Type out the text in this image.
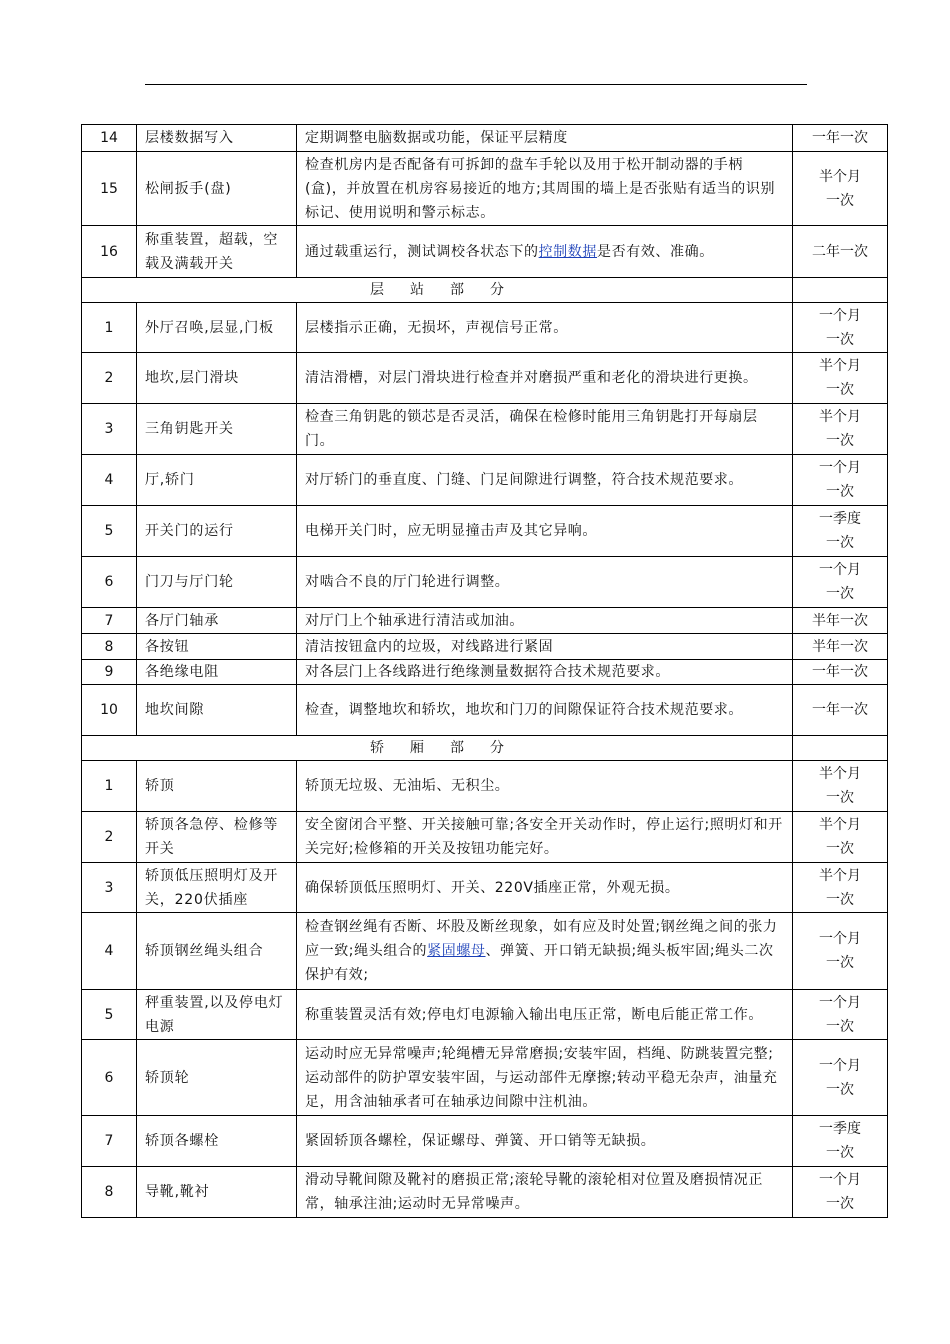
14	层楼数据写入	定期调整电脑数据或功能，保证平层精度	一年一次
15	松闸扳手(盘)	检查机房内是否配备有可拆卸的盘车手轮以及用于松开制动器的手柄(盒)，并放置在机房容易接近的地方;其周围的墙上是否张贴有适当的识别标记、使用说明和警示标志。	半个月一次

16	称重装置，超载，空载及满载开关	通过载重运行，测试调校各状态下的控制数据是否有效、准确。	二年一次
层站部分			
1	外厅召唤,层显,门板	层楼指示正确，无损坏，声视信号正常。	一个月一次

2	地坎,层门滑块	清洁滑槽，对层门滑块进行检查并对磨损严重和老化的滑块进行更换。	半个月一次

3	三角钥匙开关	检查三角钥匙的锁芯是否灵活，确保在检修时能用三角钥匙打开每扇层门。	半个月一次

4	厅,轿门	对厅轿门的垂直度、门缝、门足间隙进行调整，符合技术规范要求。	一个月一次

5	开关门的运行	电梯开关门时，应无明显撞击声及其它异响。	一季度一次

6	门刀与厅门轮	对啮合不良的厅门轮进行调整。	一个月一次

7	各厅门轴承	对厅门上个轴承进行清洁或加油。	半年一次
8	各按钮	清洁按钮盒内的垃圾，对线路进行紧固	半年一次
9	各绝缘电阻	对各层门上各线路进行绝缘测量数据符合技术规范要求。	一年一次
10	地坎间隙	检查，调整地坎和轿坎，地坎和门刀的间隙保证符合技术规范要求。	一年一次
轿厢部分			
1	轿顶	轿顶无垃圾、无油垢、无积尘。	半个月一次

2	轿顶各急停、检修等开关	安全窗闭合平整、开关接触可靠;各安全开关动作时，停止运行;照明灯和开关完好;检修箱的开关及按钮功能完好。	半个月一次

3	轿顶低压照明灯及开关，220伏插座	确保轿顶低压照明灯、开关、220V插座正常，外观无损。	半个月一次

4	轿顶钢丝绳头组合	检查钢丝绳有否断、坏股及断丝现象，如有应及时处置;钢丝绳之间的张力应一致;绳头组合的紧固螺母、弹簧、开口销无缺损;绳头板牢固;绳头二次保护有效;	一个月一次

5	秤重装置,以及停电灯电源	称重装置灵活有效;停电灯电源输入输出电压正常，断电后能正常工作。	一个月一次

6	轿顶轮	运动时应无异常噪声;轮绳槽无异常磨损;安装牢固，档绳、防跳装置完整;运动部件的防护罩安装牢固，与运动部件无摩擦;转动平稳无杂声，油量充足，用含油轴承者可在轴承边间隙中注机油。	一个月一次

7	轿顶各螺栓	紧固轿顶各螺栓，保证螺母、弹簧、开口销等无缺损。	一季度一次

8	导靴,靴衬	滑动导靴间隙及靴衬的磨损正常;滚轮导靴的滚轮相对位置及磨损情况正常，轴承注油;运动时无异常噪声。	一个月一次
